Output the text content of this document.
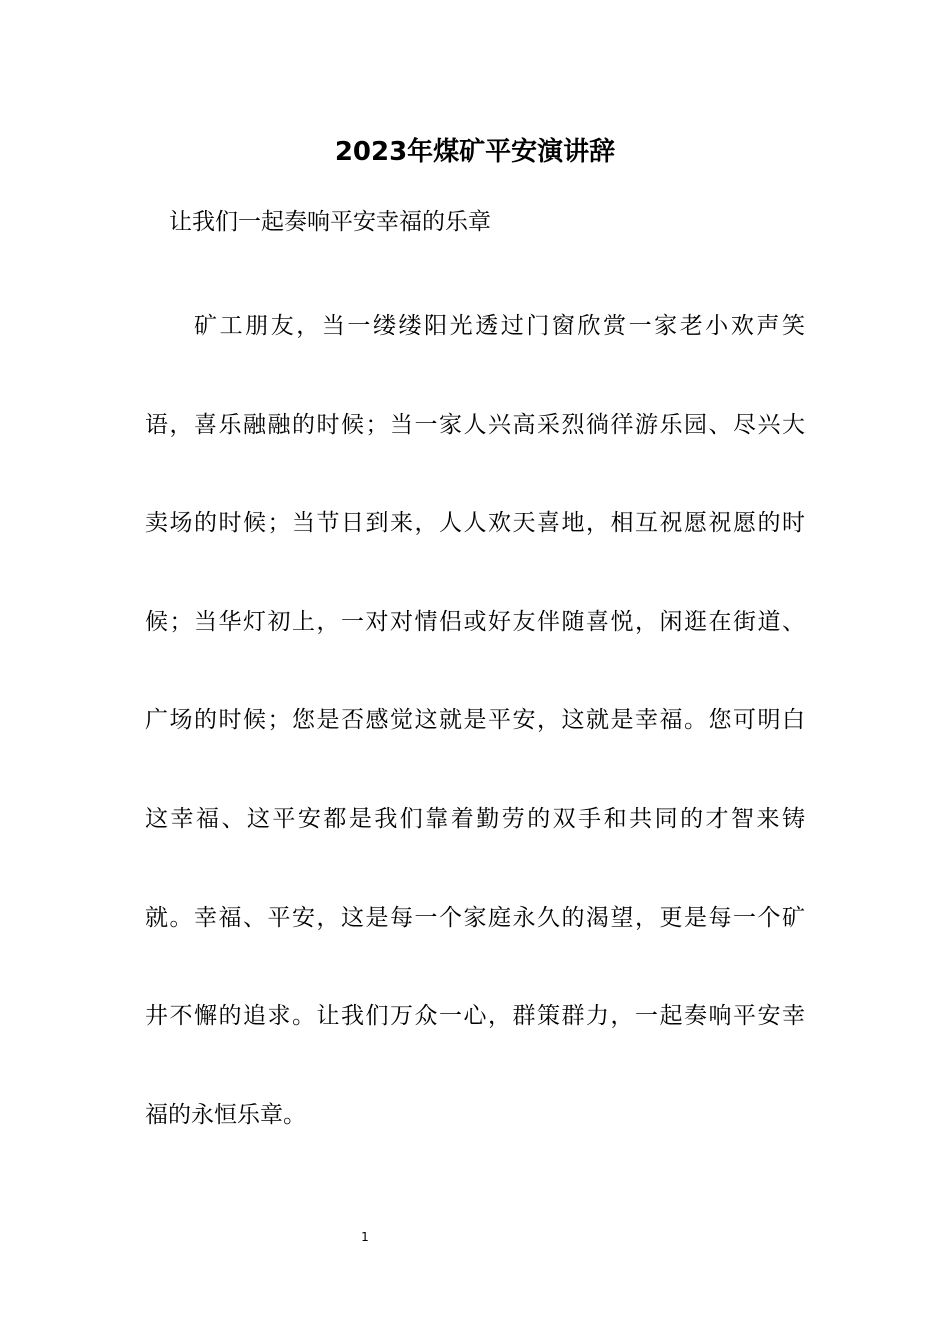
2023年煤矿平安演讲辞
让我们一起奏响平安幸福的乐章
矿工朋友，当一缕缕阳光透过门窗欣赏一家老小欢声笑
语，喜乐融融的时候；当一家人兴高采烈徜徉游乐园、尽兴大
卖场的时候；当节日到来，人人欢天喜地，相互祝愿祝愿的时
候；当华灯初上，一对对情侣或好友伴随喜悦，闲逛在街道、
广场的时候；您是否感觉这就是平安，这就是幸福。您可明白
这幸福、这平安都是我们靠着勤劳的双手和共同的才智来铸
就。幸福、平安，这是每一个家庭永久的渴望，更是每一个矿
井不懈的追求。让我们万众一心，群策群力，一起奏响平安幸
福的永恒乐章。
1
